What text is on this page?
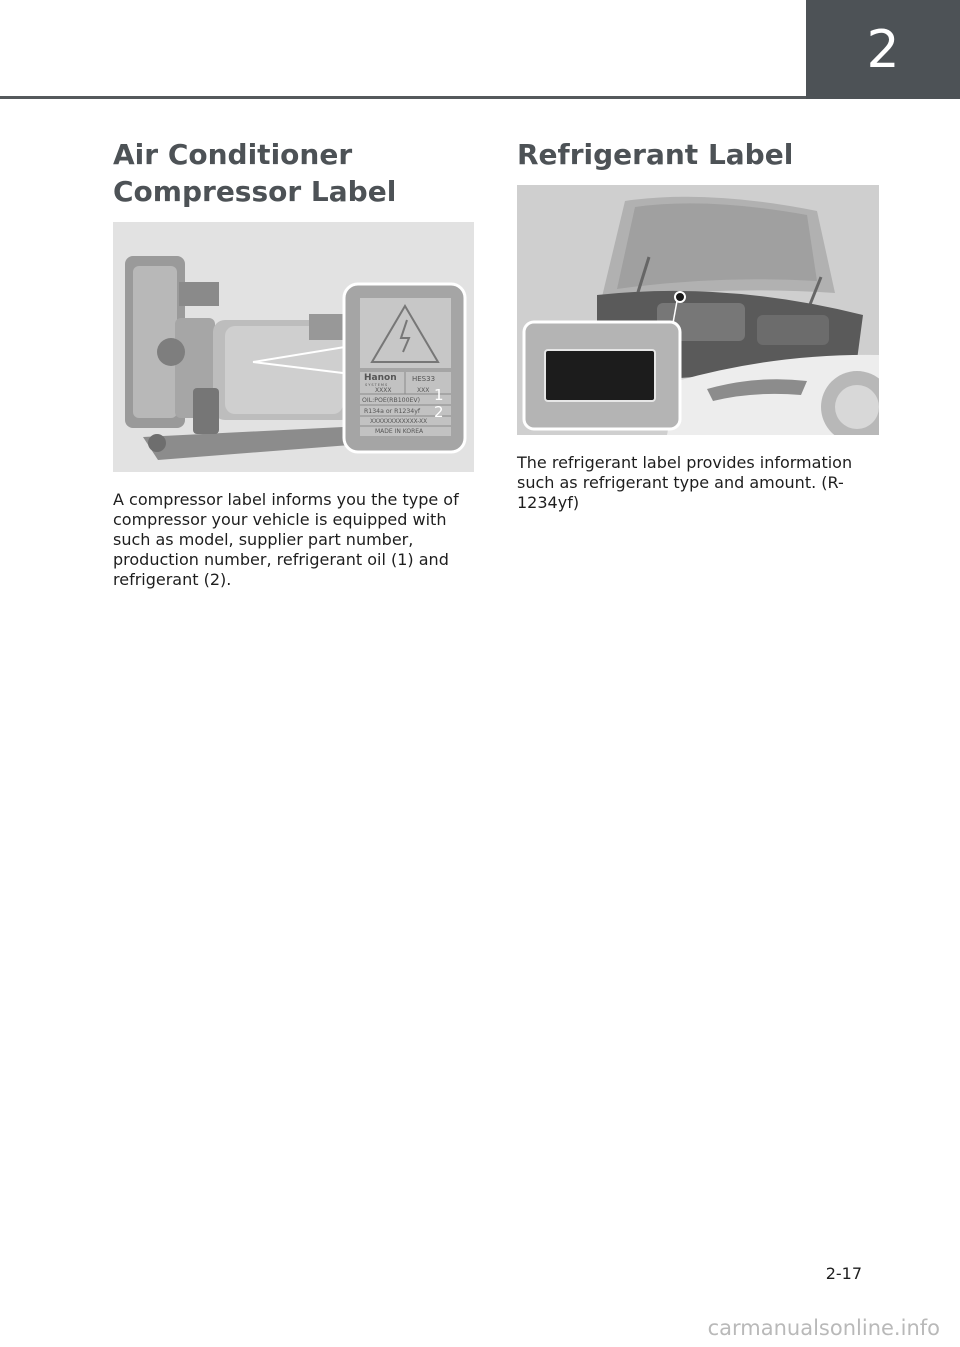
2
Air Conditioner
Compressor Label
Hanon
SYSTEMS
HES33
XXXX	XXX
OIL:POE(RB100EV)
R134a or R1234yf
XXXXXXXXXXXX-XX
MADE IN KOREA
1
2

A compressor label informs you the type of compressor your vehicle is equipped with such as model, supplier part number, production number, refrigerant oil (1) and refrigerant (2).

Refrigerant Label

The refrigerant label provides information such as refrigerant type and amount. (R-1234yf)

2-17
carmanualsonline.info
